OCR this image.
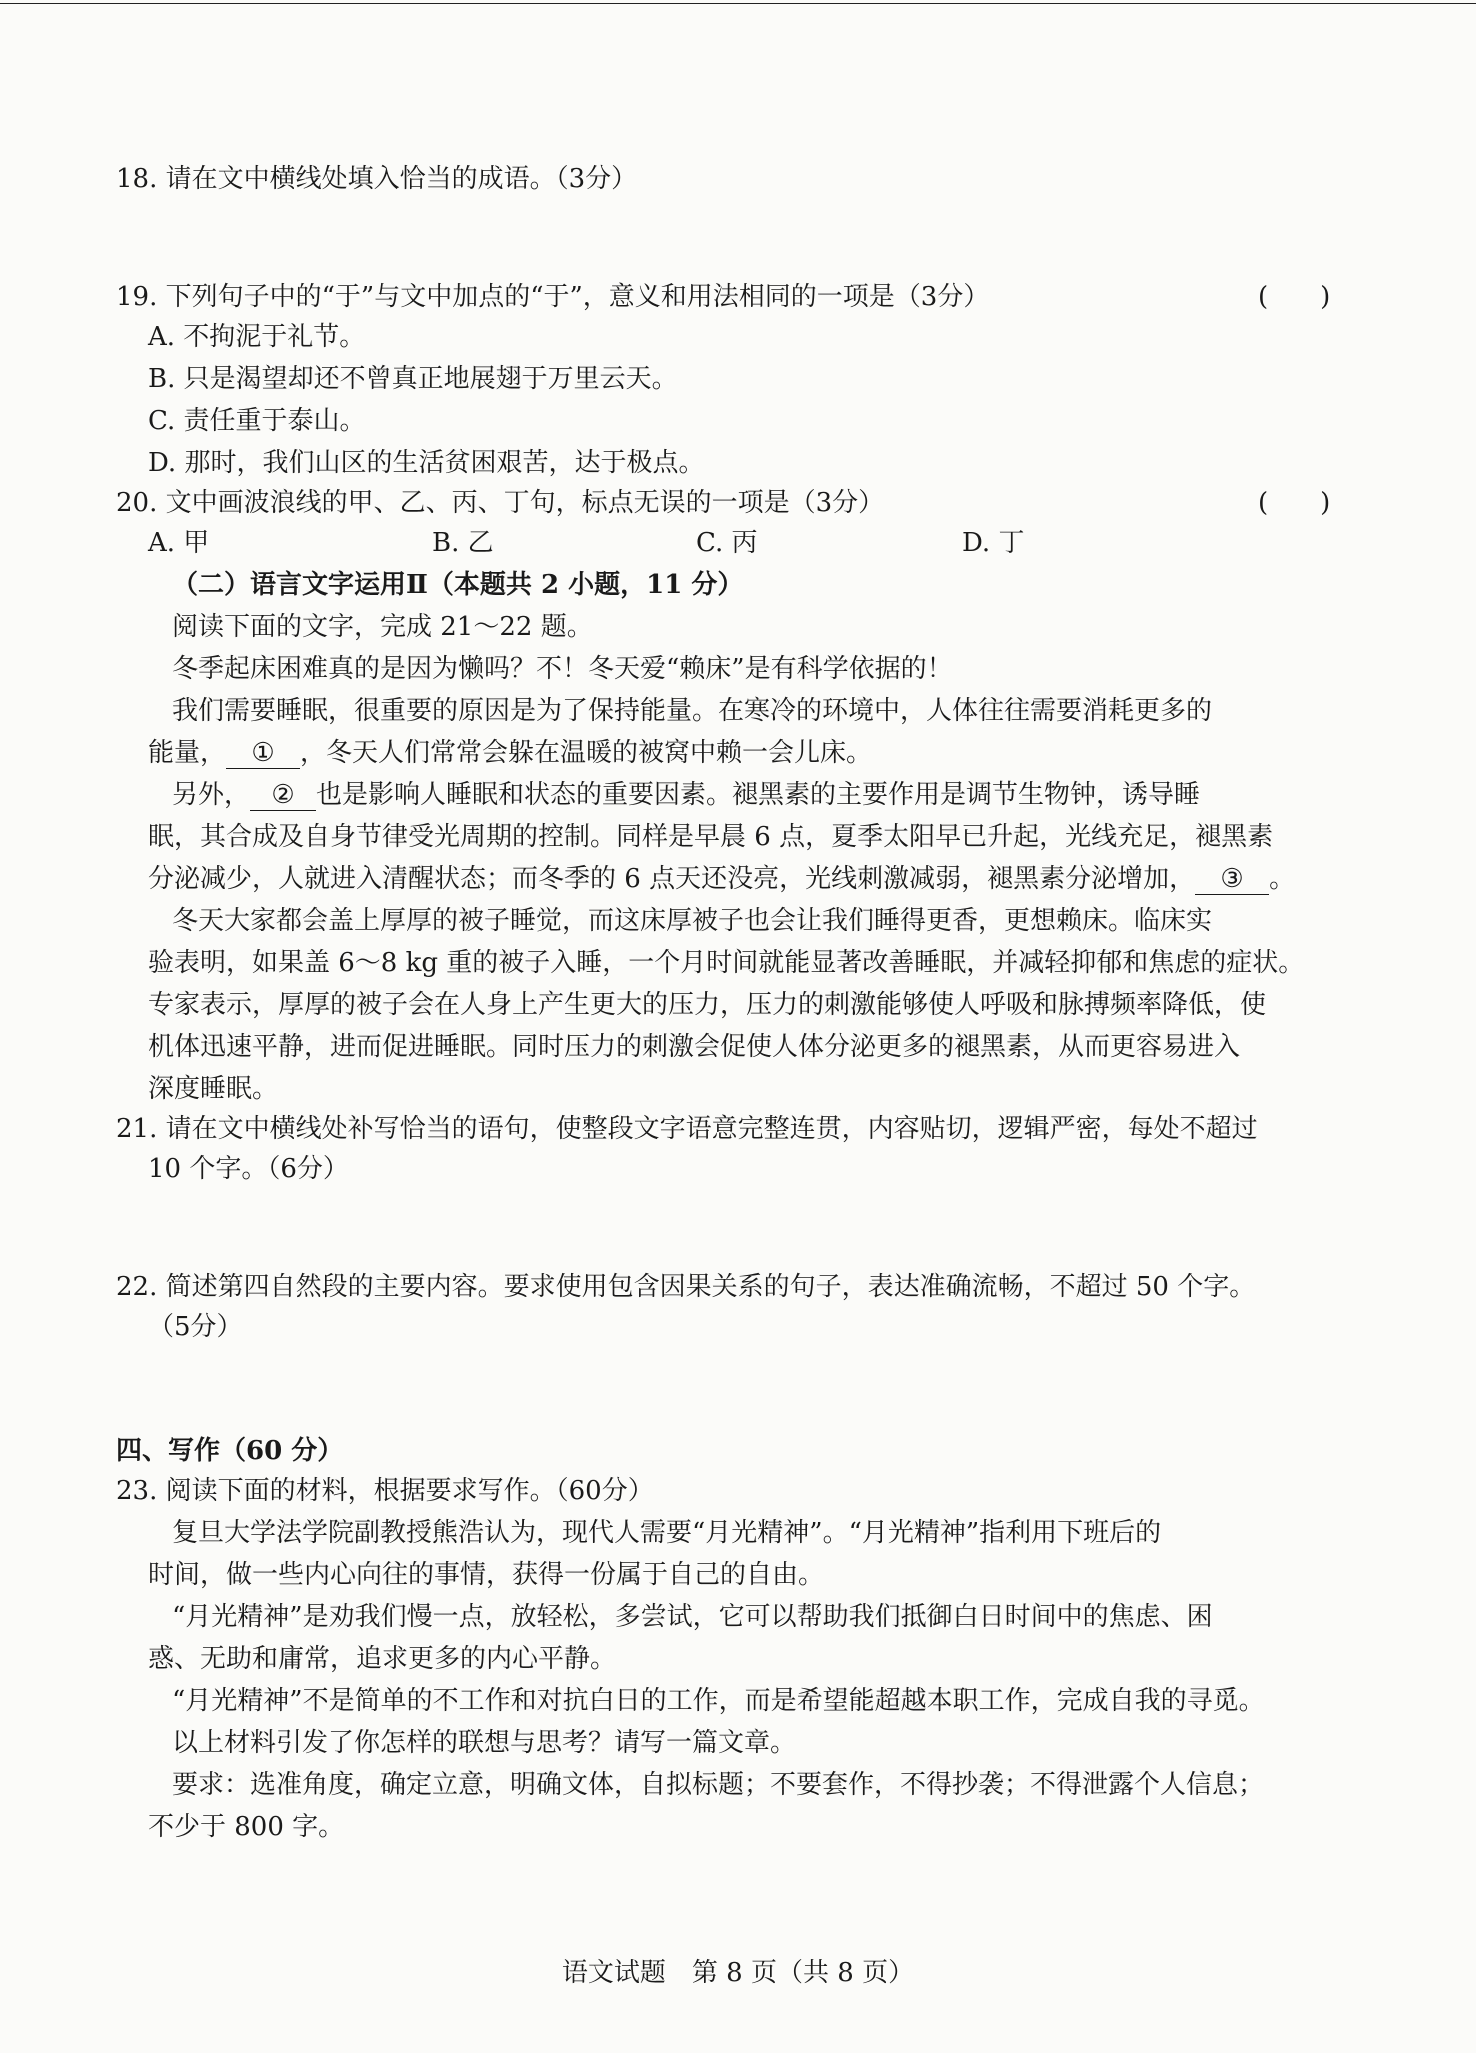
18. 请在文中横线处填入恰当的成语。（3分）
19. 下列句子中的“于”与文中加点的“于”，意义和用法相同的一项是（3分）	(　　)
A. 不拘泥于礼节。
B. 只是渴望却还不曾真正地展翅于万里云天。
C. 责任重于泰山。
D. 那时，我们山区的生活贫困艰苦，达于极点。
20. 文中画波浪线的甲、乙、丙、丁句，标点无误的一项是（3分）	(　　)
A. 甲	B. 乙	C. 丙	D. 丁
（二）语言文字运用Ⅱ（本题共 2 小题，11 分）
阅读下面的文字，完成 21～22 题。
冬季起床困难真的是因为懒吗？不！冬天爱“赖床”是有科学依据的！
我们需要睡眠，很重要的原因是为了保持能量。在寒冷的环境中，人体往往需要消耗更多的
能量， ① ，冬天人们常常会躲在温暖的被窝中赖一会儿床。
另外， ② 也是影响人睡眠和状态的重要因素。褪黑素的主要作用是调节生物钟，诱导睡
眠，其合成及自身节律受光周期的控制。同样是早晨 6 点，夏季太阳早已升起，光线充足，褪黑素
分泌减少，人就进入清醒状态；而冬季的 6 点天还没亮，光线刺激减弱，褪黑素分泌增加， ③ 。
冬天大家都会盖上厚厚的被子睡觉，而这床厚被子也会让我们睡得更香，更想赖床。临床实
验表明，如果盖 6～8 kg 重的被子入睡，一个月时间就能显著改善睡眠，并减轻抑郁和焦虑的症状。
专家表示，厚厚的被子会在人身上产生更大的压力，压力的刺激能够使人呼吸和脉搏频率降低，使
机体迅速平静，进而促进睡眠。同时压力的刺激会促使人体分泌更多的褪黑素，从而更容易进入
深度睡眠。
21. 请在文中横线处补写恰当的语句，使整段文字语意完整连贯，内容贴切，逻辑严密，每处不超过
10 个字。（6分）
22. 简述第四自然段的主要内容。要求使用包含因果关系的句子，表达准确流畅，不超过 50 个字。
（5分）
四、写作（60 分）
23. 阅读下面的材料，根据要求写作。（60分）
复旦大学法学院副教授熊浩认为，现代人需要“月光精神”。“月光精神”指利用下班后的
时间，做一些内心向往的事情，获得一份属于自己的自由。
“月光精神”是劝我们慢一点，放轻松，多尝试，它可以帮助我们抵御白日时间中的焦虑、困
惑、无助和庸常，追求更多的内心平静。
“月光精神”不是简单的不工作和对抗白日的工作，而是希望能超越本职工作，完成自我的寻觅。
以上材料引发了你怎样的联想与思考？请写一篇文章。
要求：选准角度，确定立意，明确文体，自拟标题；不要套作，不得抄袭；不得泄露个人信息；
不少于 800 字。
语文试题　第 8 页（共 8 页）
